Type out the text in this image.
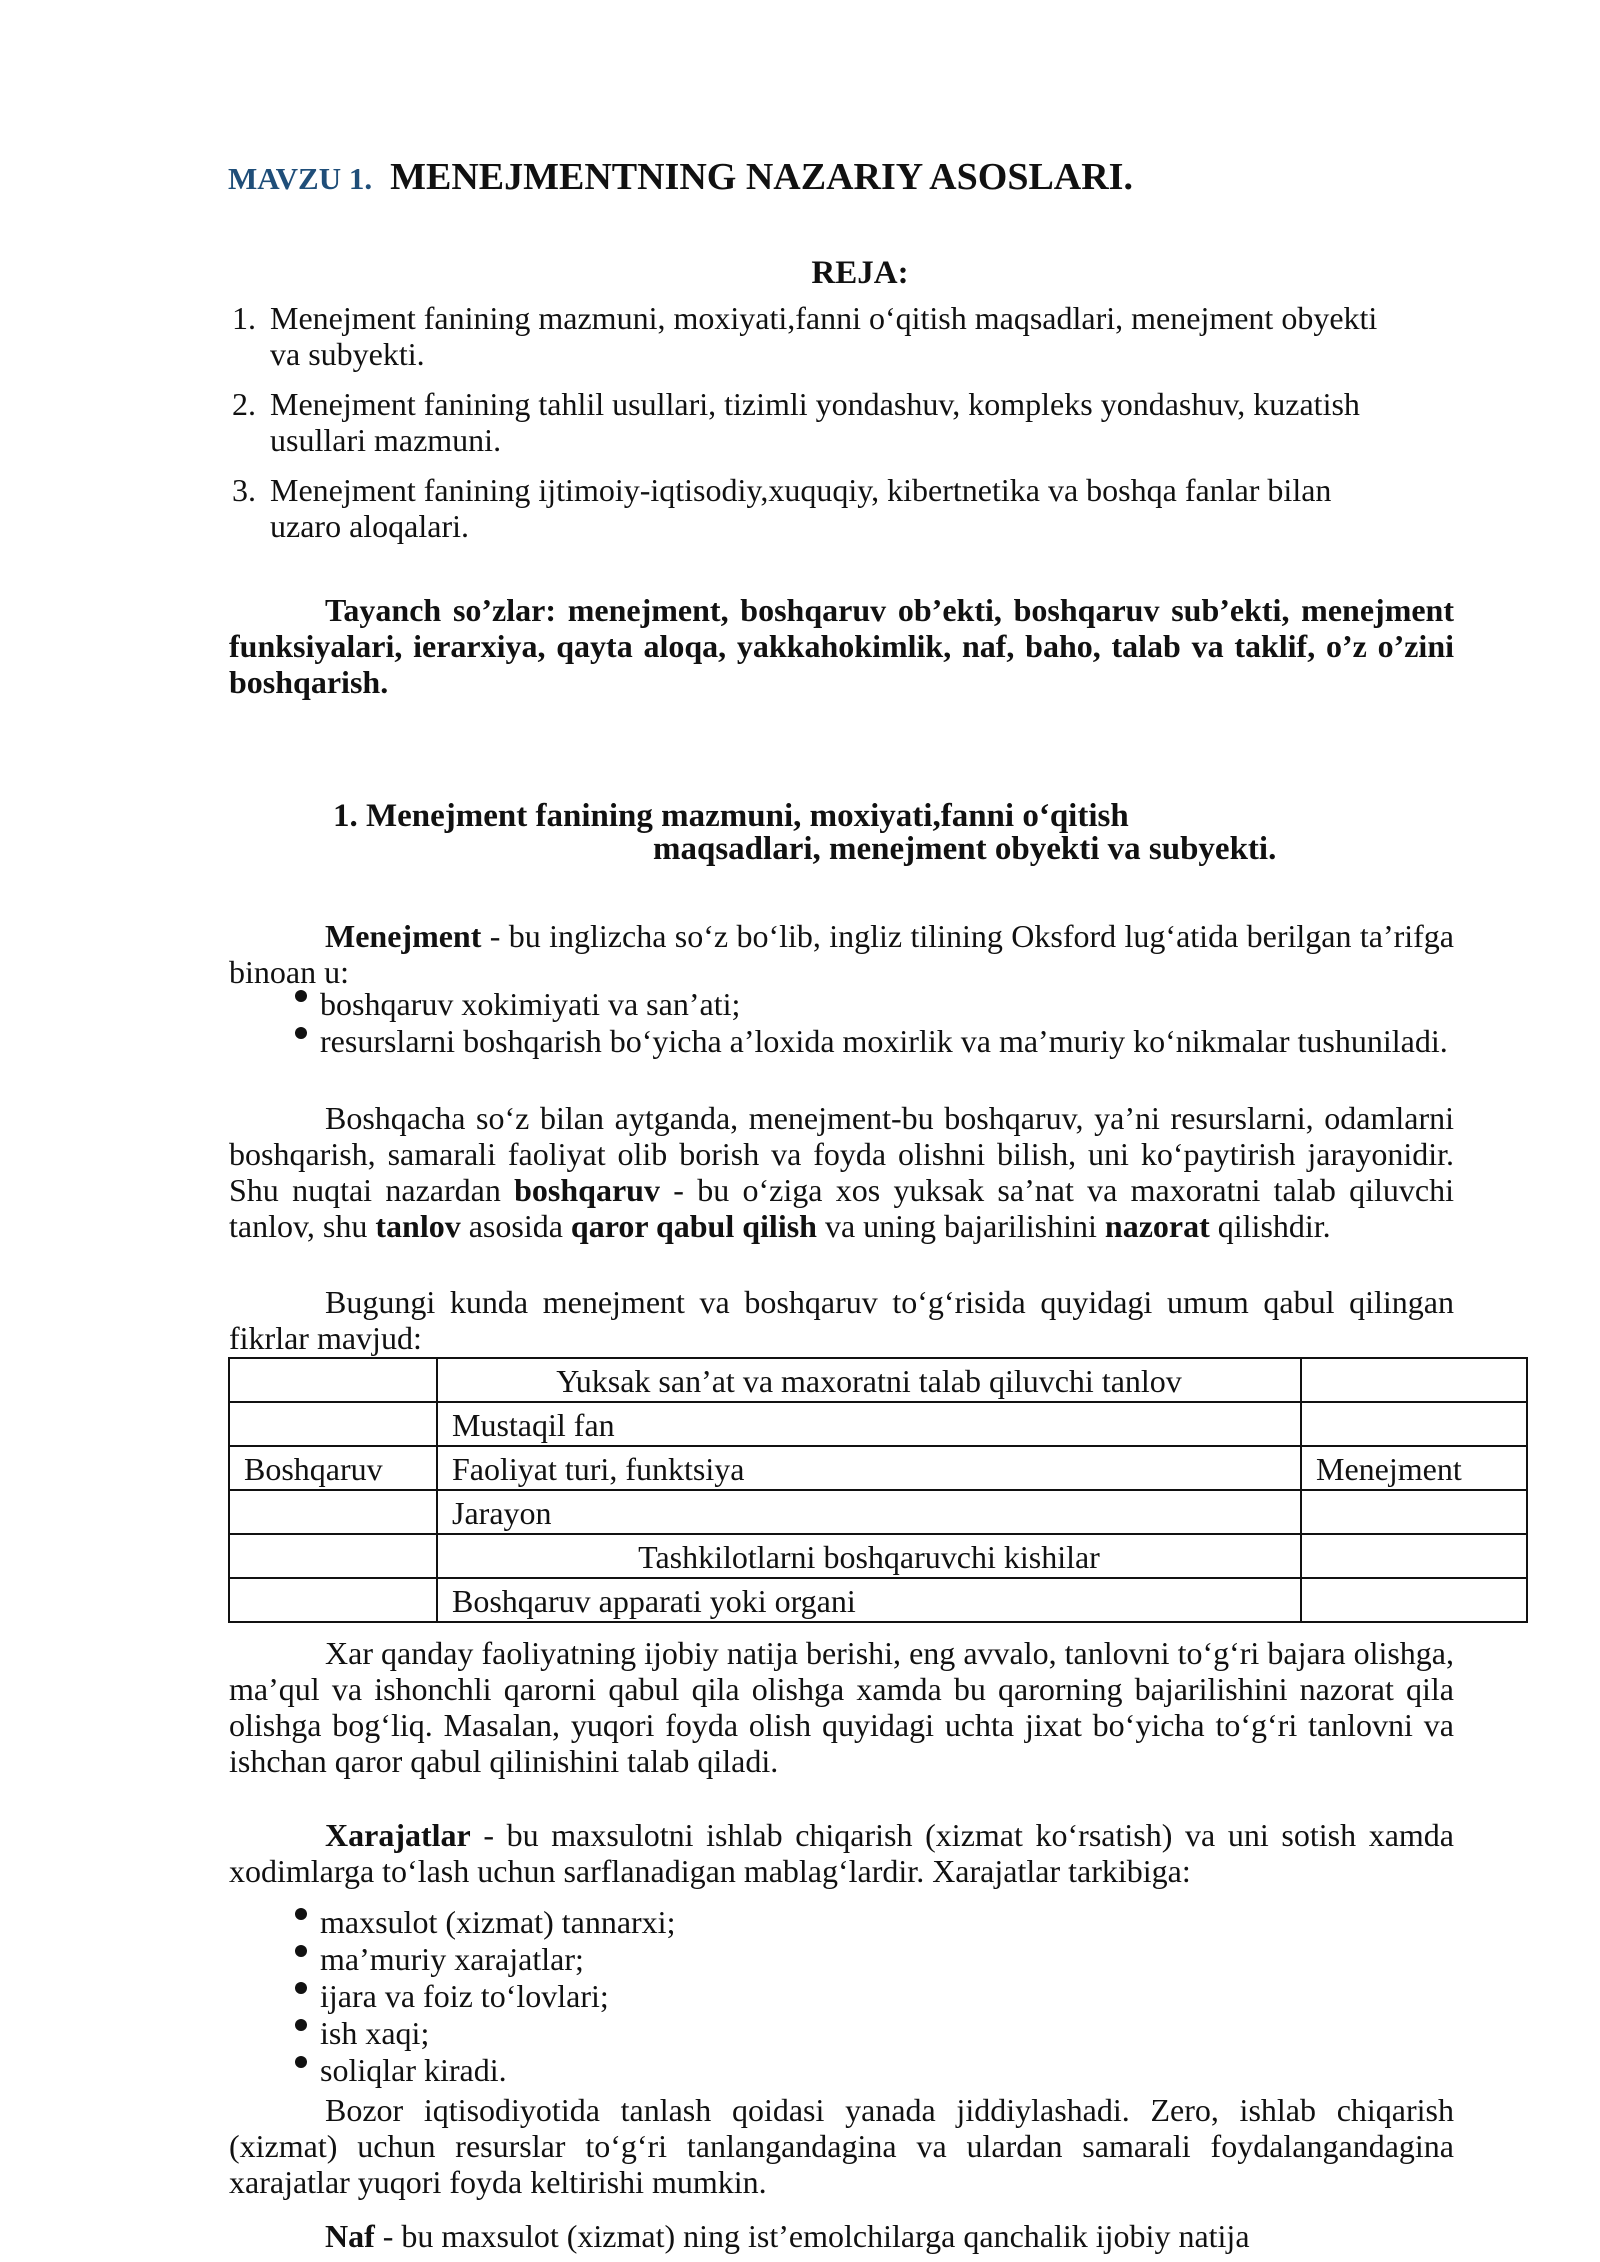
MAVZU 1. MENEJMENTNING NAZARIY ASOSLARI.
REJA:
1. Menejment fanining mazmuni, moxiyati,fanni o‘qitish maqsadlari, menejment obyekti va subyekti.
2. Menejment fanining tahlil usullari, tizimli yondashuv, kompleks yondashuv, kuzatish usullari mazmuni.
3. Menejment fanining ijtimoiy-iqtisodiy,xuquqiy, kibertnetika va boshqa fanlar bilan uzaro aloqalari.

Tayanch so’zlar: menejment, boshqaruv ob’ekti, boshqaruv sub’ekti, menejment funksiyalari, ierarxiya, qayta aloqa, yakkahokimlik, naf, baho, talab va taklif, o’z o’zini boshqarish.

1. Menejment fanining mazmuni, moxiyati,fanni o‘qitish
maqsadlari, menejment obyekti va subyekti.

Menejment - bu inglizcha so‘z bo‘lib, ingliz tilining Oksford lug‘atida berilgan ta’rifga binoan u:

boshqaruv xokimiyati va san’ati;
resurslarni boshqarish bo‘yicha a’loxida moxirlik va ma’muriy ko‘nikmalar tushuniladi.

Boshqacha so‘z bilan aytganda, menejment-bu boshqaruv, ya’ni resurslarni, odamlarni boshqarish, samarali faoliyat olib borish va foyda olishni bilish, uni ko‘paytirish jarayonidir. Shu nuqtai nazardan boshqaruv - bu o‘ziga xos yuksak sa’nat va maxoratni talab qiluvchi tanlov, shu tanlov asosida qaror qabul qilish va uning bajarilishini nazorat qilishdir.

Bugungi kunda menejment va boshqaruv to‘g‘risida quyidagi umum qabul qilingan fikrlar mavjud:

	Yuksak san’at va maxoratni talab qiluvchi tanlov	
	Mustaqil fan	
Boshqaruv	Faoliyat turi, funktsiya	Menejment
	Jarayon	
	Tashkilotlarni boshqaruvchi kishilar	
	Boshqaruv apparati yoki organi	

Xar qanday faoliyatning ijobiy natija berishi, eng avvalo, tanlovni to‘g‘ri bajara olishga, ma’qul va ishonchli qarorni qabul qila olishga xamda bu qarorning bajarilishini nazorat qila olishga bog‘liq. Masalan, yuqori foyda olish quyidagi uchta jixat bo‘yicha to‘g‘ri tanlovni va ishchan qaror qabul qilinishini talab qiladi.

Xarajatlar - bu maxsulotni ishlab chiqarish (xizmat ko‘rsatish) va uni sotish xamda xodimlarga to‘lash uchun sarflanadigan mablag‘lardir. Xarajatlar tarkibiga:

maxsulot (xizmat) tannarxi;
ma’muriy xarajatlar;
ijara va foiz to‘lovlari;
ish xaqi;
soliqlar kiradi.

Bozor iqtisodiyotida tanlash qoidasi yanada jiddiylashadi. Zero, ishlab chiqarish (xizmat) uchun resurslar to‘g‘ri tanlangandagina va ulardan samarali foydalangandagina xarajatlar yuqori foyda keltirishi mumkin.

Naf - bu maxsulot (xizmat) ning ist’emolchilarga qanchalik ijobiy natija
